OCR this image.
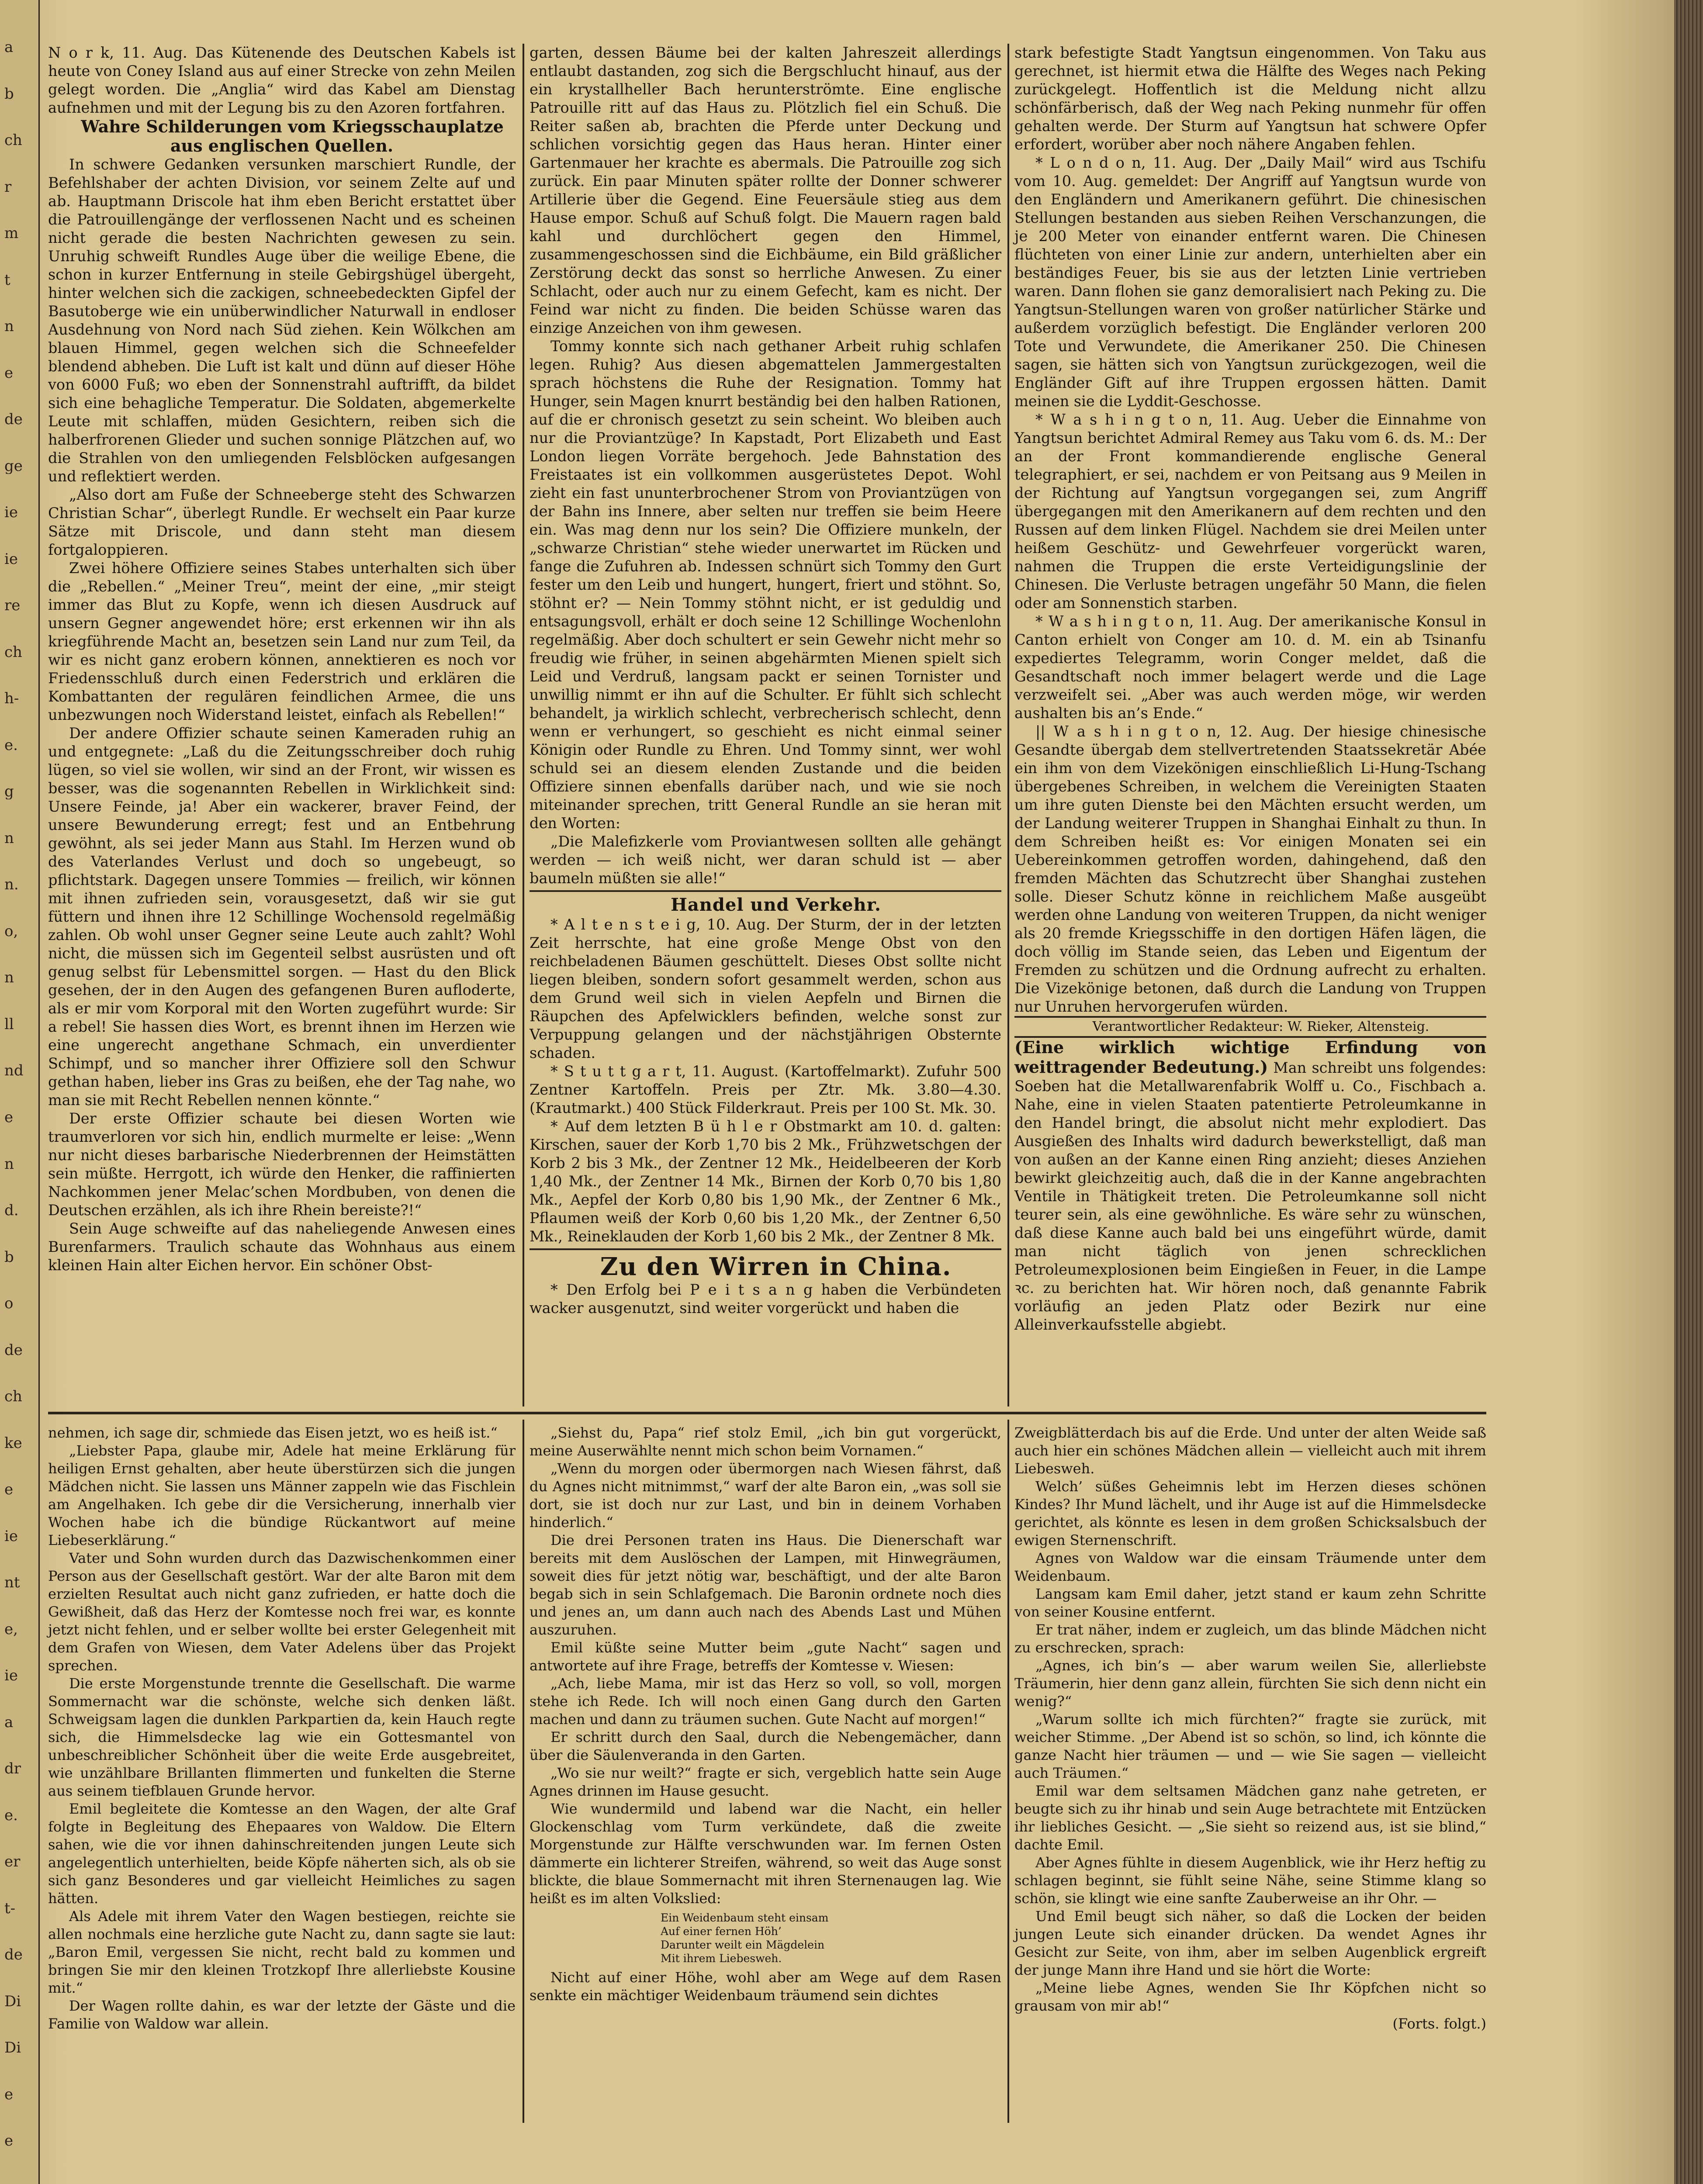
a
b
ch
r
m
t
n
e
de
ge
ie
ie
re
ch
h-
e.
g
n
n.
o,
n
ll
nd
e
n
d.
b
o
de
ch
ke
e
ie
nt
e,
ie
a
dr
e.
er
t-
de
Di
Di
e
e

N o r k, 11. Aug. Das Kütenende des Deutschen Kabels ist heute von Coney Island aus auf einer Strecke von zehn Meilen gelegt worden. Die „Anglia“ wird das Kabel am Dienstag aufnehmen und mit der Legung bis zu den Azoren fortfahren.

Wahre Schilderungen vom Kriegsschauplatze aus englischen Quellen.

In schwere Gedanken versunken marschiert Rundle, der Befehlshaber der achten Division, vor seinem Zelte auf und ab. Hauptmann Driscole hat ihm eben Bericht erstattet über die Patrouillengänge der verflossenen Nacht und es scheinen nicht gerade die besten Nachrichten gewesen zu sein. Unruhig schweift Rundles Auge über die weilige Ebene, die schon in kurzer Entfernung in steile Gebirgshügel übergeht, hinter welchen sich die zackigen, schneebedeckten Gipfel der Basutoberge wie ein unüberwindlicher Naturwall in endloser Ausdehnung von Nord nach Süd ziehen. Kein Wölkchen am blauen Himmel, gegen welchen sich die Schneefelder blendend abheben. Die Luft ist kalt und dünn auf dieser Höhe von 6000 Fuß; wo eben der Sonnenstrahl auftrifft, da bildet sich eine behagliche Temperatur. Die Soldaten, abgemerkelte Leute mit schlaffen, müden Gesichtern, reiben sich die halberfrorenen Glieder und suchen sonnige Plätzchen auf, wo die Strahlen von den umliegenden Felsblöcken aufgesangen und reflektiert werden.

„Also dort am Fuße der Schneeberge steht des Schwarzen Christian Schar“, überlegt Rundle. Er wechselt ein Paar kurze Sätze mit Driscole, und dann steht man diesem fortgaloppieren.

Zwei höhere Offiziere seines Stabes unterhalten sich über die „Rebellen.“ „Meiner Treu“, meint der eine, „mir steigt immer das Blut zu Kopfe, wenn ich diesen Ausdruck auf unsern Gegner angewendet höre; erst erkennen wir ihn als kriegführende Macht an, besetzen sein Land nur zum Teil, da wir es nicht ganz erobern können, annektieren es noch vor Friedensschluß durch einen Federstrich und erklären die Kombattanten der regulären feindlichen Armee, die uns unbezwungen noch Widerstand leistet, einfach als Rebellen!“

Der andere Offizier schaute seinen Kameraden ruhig an und entgegnete: „Laß du die Zeitungsschreiber doch ruhig lügen, so viel sie wollen, wir sind an der Front, wir wissen es besser, was die sogenannten Rebellen in Wirklichkeit sind: Unsere Feinde, ja! Aber ein wackerer, braver Feind, der unsere Bewunderung erregt; fest und an Entbehrung gewöhnt, als sei jeder Mann aus Stahl. Im Herzen wund ob des Vaterlandes Verlust und doch so ungebeugt, so pflichtstark. Dagegen unsere Tommies — freilich, wir können mit ihnen zufrieden sein, vorausgesetzt, daß wir sie gut füttern und ihnen ihre 12 Schillinge Wochensold regelmäßig zahlen. Ob wohl unser Gegner seine Leute auch zahlt? Wohl nicht, die müssen sich im Gegenteil selbst ausrüsten und oft genug selbst für Lebensmittel sorgen. — Hast du den Blick gesehen, der in den Augen des gefangenen Buren aufloderte, als er mir vom Korporal mit den Worten zugeführt wurde: Sir a rebel! Sie hassen dies Wort, es brennt ihnen im Herzen wie eine ungerecht angethane Schmach, ein unverdienter Schimpf, und so mancher ihrer Offiziere soll den Schwur gethan haben, lieber ins Gras zu beißen, ehe der Tag nahe, wo man sie mit Recht Rebellen nennen könnte.“

Der erste Offizier schaute bei diesen Worten wie traumverloren vor sich hin, endlich murmelte er leise: „Wenn nur nicht dieses barbarische Niederbrennen der Heimstätten sein müßte. Herrgott, ich würde den Henker, die raffinierten Nachkommen jener Melac’schen Mordbuben, von denen die Deutschen erzählen, als ich ihre Rhein bereiste?!“

Sein Auge schweifte auf das naheliegende Anwesen eines Burenfarmers. Traulich schaute das Wohnhaus aus einem kleinen Hain alter Eichen hervor. Ein schöner Obst-

garten, dessen Bäume bei der kalten Jahreszeit allerdings entlaubt dastanden, zog sich die Bergschlucht hinauf, aus der ein krystallheller Bach herunterströmte. Eine englische Patrouille ritt auf das Haus zu. Plötzlich fiel ein Schuß. Die Reiter saßen ab, brachten die Pferde unter Deckung und schlichen vorsichtig gegen das Haus heran. Hinter einer Gartenmauer her krachte es abermals. Die Patrouille zog sich zurück. Ein paar Minuten später rollte der Donner schwerer Artillerie über die Gegend. Eine Feuersäule stieg aus dem Hause empor. Schuß auf Schuß folgt. Die Mauern ragen bald kahl und durchlöchert gegen den Himmel, zusammengeschossen sind die Eichbäume, ein Bild gräßlicher Zerstörung deckt das sonst so herrliche Anwesen. Zu einer Schlacht, oder auch nur zu einem Gefecht, kam es nicht. Der Feind war nicht zu finden. Die beiden Schüsse waren das einzige Anzeichen von ihm gewesen.

Tommy konnte sich nach gethaner Arbeit ruhig schlafen legen. Ruhig? Aus diesen abgemattelen Jammergestalten sprach höchstens die Ruhe der Resignation. Tommy hat Hunger, sein Magen knurrt beständig bei den halben Rationen, auf die er chronisch gesetzt zu sein scheint. Wo bleiben auch nur die Proviantzüge? In Kapstadt, Port Elizabeth und East London liegen Vorräte bergehoch. Jede Bahnstation des Freistaates ist ein vollkommen ausgerüstetes Depot. Wohl zieht ein fast ununterbrochener Strom von Proviantzügen von der Bahn ins Innere, aber selten nur treffen sie beim Heere ein. Was mag denn nur los sein? Die Offiziere munkeln, der „schwarze Christian“ stehe wieder unerwartet im Rücken und fange die Zufuhren ab. Indessen schnürt sich Tommy den Gurt fester um den Leib und hungert, hungert, friert und stöhnt. So, stöhnt er? — Nein Tommy stöhnt nicht, er ist geduldig und entsagungsvoll, erhält er doch seine 12 Schillinge Wochenlohn regelmäßig. Aber doch schultert er sein Gewehr nicht mehr so freudig wie früher, in seinen abgehärmten Mienen spielt sich Leid und Verdruß, langsam packt er seinen Tornister und unwillig nimmt er ihn auf die Schulter. Er fühlt sich schlecht behandelt, ja wirklich schlecht, verbrecherisch schlecht, denn wenn er verhungert, so geschieht es nicht einmal seiner Königin oder Rundle zu Ehren. Und Tommy sinnt, wer wohl schuld sei an diesem elenden Zustande und die beiden Offiziere sinnen ebenfalls darüber nach, und wie sie noch miteinander sprechen, tritt General Rundle an sie heran mit den Worten:

„Die Malefizkerle vom Proviantwesen sollten alle gehängt werden — ich weiß nicht, wer daran schuld ist — aber baumeln müßten sie alle!“

Handel und Verkehr.

* A l t e n s t e i g, 10. Aug. Der Sturm, der in der letzten Zeit herrschte, hat eine große Menge Obst von den reichbeladenen Bäumen geschüttelt. Dieses Obst sollte nicht liegen bleiben, sondern sofort gesammelt werden, schon aus dem Grund weil sich in vielen Aepfeln und Birnen die Räupchen des Apfelwicklers befinden, welche sonst zur Verpuppung gelangen und der nächstjährigen Obsternte schaden.

* S t u t t g a r t, 11. August. (Kartoffelmarkt). Zufuhr 500 Zentner Kartoffeln. Preis per Ztr. Mk. 3.80—4.30. (Krautmarkt.) 400 Stück Filderkraut. Preis per 100 St. Mk. 30.

* Auf dem letzten B ü h l e r Obstmarkt am 10. d. galten: Kirschen, sauer der Korb 1,70 bis 2 Mk., Frühzwetschgen der Korb 2 bis 3 Mk., der Zentner 12 Mk., Heidelbeeren der Korb 1,40 Mk., der Zentner 14 Mk., Birnen der Korb 0,70 bis 1,80 Mk., Aepfel der Korb 0,80 bis 1,90 Mk., der Zentner 6 Mk., Pflaumen weiß der Korb 0,60 bis 1,20 Mk., der Zentner 6,50 Mk., Reineklauden der Korb 1,60 bis 2 Mk., der Zentner 8 Mk.

Zu den Wirren in China.

* Den Erfolg bei P e i t s a n g haben die Verbündeten wacker ausgenutzt, sind weiter vorgerückt und haben die

stark befestigte Stadt Yangtsun eingenommen. Von Taku aus gerechnet, ist hiermit etwa die Hälfte des Weges nach Peking zurückgelegt. Hoffentlich ist die Meldung nicht allzu schönfärberisch, daß der Weg nach Peking nunmehr für offen gehalten werde. Der Sturm auf Yangtsun hat schwere Opfer erfordert, worüber aber noch nähere Angaben fehlen.

* L o n d o n, 11. Aug. Der „Daily Mail“ wird aus Tschifu vom 10. Aug. gemeldet: Der Angriff auf Yangtsun wurde von den Engländern und Amerikanern geführt. Die chinesischen Stellungen bestanden aus sieben Reihen Verschanzungen, die je 200 Meter von einander entfernt waren. Die Chinesen flüchteten von einer Linie zur andern, unterhielten aber ein beständiges Feuer, bis sie aus der letzten Linie vertrieben waren. Dann flohen sie ganz demoralisiert nach Peking zu. Die Yangtsun-Stellungen waren von großer natürlicher Stärke und außerdem vorzüglich befestigt. Die Engländer verloren 200 Tote und Verwundete, die Amerikaner 250. Die Chinesen sagen, sie hätten sich von Yangtsun zurückgezogen, weil die Engländer Gift auf ihre Truppen ergossen hätten. Damit meinen sie die Lyddit-Geschosse.

* W a s h i n g t o n, 11. Aug. Ueber die Einnahme von Yangtsun berichtet Admiral Remey aus Taku vom 6. ds. M.: Der an der Front kommandierende englische General telegraphiert, er sei, nachdem er von Peitsang aus 9 Meilen in der Richtung auf Yangtsun vorgegangen sei, zum Angriff übergegangen mit den Amerikanern auf dem rechten und den Russen auf dem linken Flügel. Nachdem sie drei Meilen unter heißem Geschütz- und Gewehrfeuer vorgerückt waren, nahmen die Truppen die erste Verteidigungslinie der Chinesen. Die Verluste betragen ungefähr 50 Mann, die fielen oder am Sonnenstich starben.

* W a s h i n g t o n, 11. Aug. Der amerikanische Konsul in Canton erhielt von Conger am 10. d. M. ein ab Tsinanfu expediertes Telegramm, worin Conger meldet, daß die Gesandtschaft noch immer belagert werde und die Lage verzweifelt sei. „Aber was auch werden möge, wir werden aushalten bis an’s Ende.“

|| W a s h i n g t o n, 12. Aug. Der hiesige chinesische Gesandte übergab dem stellvertretenden Staatssekretär Abée ein ihm von dem Vizekönigen einschließlich Li-Hung-Tschang übergebenes Schreiben, in welchem die Vereinigten Staaten um ihre guten Dienste bei den Mächten ersucht werden, um der Landung weiterer Truppen in Shanghai Einhalt zu thun. In dem Schreiben heißt es: Vor einigen Monaten sei ein Uebereinkommen getroffen worden, dahingehend, daß den fremden Mächten das Schutzrecht über Shanghai zustehen solle. Dieser Schutz könne in reichlichem Maße ausgeübt werden ohne Landung von weiteren Truppen, da nicht weniger als 20 fremde Kriegsschiffe in den dortigen Häfen lägen, die doch völlig im Stande seien, das Leben und Eigentum der Fremden zu schützen und die Ordnung aufrecht zu erhalten. Die Vizekönige betonen, daß durch die Landung von Truppen nur Unruhen hervorgerufen würden.

Verantwortlicher Redakteur: W. Rieker, Altensteig.

(Eine wirklich wichtige Erfindung von weittragender Bedeutung.) Man schreibt uns folgendes: Soeben hat die Metallwarenfabrik Wolff u. Co., Fischbach a. Nahe, eine in vielen Staaten patentierte Petroleumkanne in den Handel bringt, die absolut nicht mehr explodiert. Das Ausgießen des Inhalts wird dadurch bewerkstelligt, daß man von außen an der Kanne einen Ring anzieht; dieses Anziehen bewirkt gleichzeitig auch, daß die in der Kanne angebrachten Ventile in Thätigkeit treten. Die Petroleumkanne soll nicht teurer sein, als eine gewöhnliche. Es wäre sehr zu wünschen, daß diese Kanne auch bald bei uns eingeführt würde, damit man nicht täglich von jenen schrecklichen Petroleumexplosionen beim Eingießen in Feuer, in die Lampe ꝛc. zu berichten hat. Wir hören noch, daß genannte Fabrik vorläufig an jeden Platz oder Bezirk nur eine Alleinverkaufsstelle abgiebt.

nehmen, ich sage dir, schmiede das Eisen jetzt, wo es heiß ist.“

„Liebster Papa, glaube mir, Adele hat meine Erklärung für heiligen Ernst gehalten, aber heute überstürzen sich die jungen Mädchen nicht. Sie lassen uns Männer zappeln wie das Fischlein am Angelhaken. Ich gebe dir die Versicherung, innerhalb vier Wochen habe ich die bündige Rückantwort auf meine Liebeserklärung.“

Vater und Sohn wurden durch das Dazwischenkommen einer Person aus der Gesellschaft gestört. War der alte Baron mit dem erzielten Resultat auch nicht ganz zufrieden, er hatte doch die Gewißheit, daß das Herz der Komtesse noch frei war, es konnte jetzt nicht fehlen, und er selber wollte bei erster Gelegenheit mit dem Grafen von Wiesen, dem Vater Adelens über das Projekt sprechen.

Die erste Morgenstunde trennte die Gesellschaft. Die warme Sommernacht war die schönste, welche sich denken läßt. Schweigsam lagen die dunklen Parkpartien da, kein Hauch regte sich, die Himmelsdecke lag wie ein Gottesmantel von unbeschreiblicher Schönheit über die weite Erde ausgebreitet, wie unzählbare Brillanten flimmerten und funkelten die Sterne aus seinem tiefblauen Grunde hervor.

Emil begleitete die Komtesse an den Wagen, der alte Graf folgte in Begleitung des Ehepaares von Waldow. Die Eltern sahen, wie die vor ihnen dahinschreitenden jungen Leute sich angelegentlich unterhielten, beide Köpfe näherten sich, als ob sie sich ganz Besonderes und gar vielleicht Heimliches zu sagen hätten.

Als Adele mit ihrem Vater den Wagen bestiegen, reichte sie allen nochmals eine herzliche gute Nacht zu, dann sagte sie laut: „Baron Emil, vergessen Sie nicht, recht bald zu kommen und bringen Sie mir den kleinen Trotzkopf Ihre allerliebste Kousine mit.“

Der Wagen rollte dahin, es war der letzte der Gäste und die Familie von Waldow war allein.

„Siehst du, Papa“ rief stolz Emil, „ich bin gut vorgerückt, meine Auserwählte nennt mich schon beim Vornamen.“

„Wenn du morgen oder übermorgen nach Wiesen fährst, daß du Agnes nicht mitnimmst,“ warf der alte Baron ein, „was soll sie dort, sie ist doch nur zur Last, und bin in deinem Vorhaben hinderlich.“

Die drei Personen traten ins Haus. Die Dienerschaft war bereits mit dem Auslöschen der Lampen, mit Hinwegräumen, soweit dies für jetzt nötig war, beschäftigt, und der alte Baron begab sich in sein Schlafgemach. Die Baronin ordnete noch dies und jenes an, um dann auch nach des Abends Last und Mühen auszuruhen.

Emil küßte seine Mutter beim „gute Nacht“ sagen und antwortete auf ihre Frage, betreffs der Komtesse v. Wiesen:

„Ach, liebe Mama, mir ist das Herz so voll, so voll, morgen stehe ich Rede. Ich will noch einen Gang durch den Garten machen und dann zu träumen suchen. Gute Nacht auf morgen!“

Er schritt durch den Saal, durch die Nebengemächer, dann über die Säulenveranda in den Garten.

„Wo sie nur weilt?“ fragte er sich, vergeblich hatte sein Auge Agnes drinnen im Hause gesucht.

Wie wundermild und labend war die Nacht, ein heller Glockenschlag vom Turm verkündete, daß die zweite Morgenstunde zur Hälfte verschwunden war. Im fernen Osten dämmerte ein lichterer Streifen, während, so weit das Auge sonst blickte, die blaue Sommernacht mit ihren Sternenaugen lag. Wie heißt es im alten Volkslied:

Ein Weidenbaum steht einsam
Auf einer fernen Höh’
Darunter weilt ein Mägdelein
Mit ihrem Liebesweh.

Nicht auf einer Höhe, wohl aber am Wege auf dem Rasen senkte ein mächtiger Weidenbaum träumend sein dichtes

Zweigblätterdach bis auf die Erde. Und unter der alten Weide saß auch hier ein schönes Mädchen allein — vielleicht auch mit ihrem Liebesweh.

Welch’ süßes Geheimnis lebt im Herzen dieses schönen Kindes? Ihr Mund lächelt, und ihr Auge ist auf die Himmelsdecke gerichtet, als könnte es lesen in dem großen Schicksalsbuch der ewigen Sternenschrift.

Agnes von Waldow war die einsam Träumende unter dem Weidenbaum.

Langsam kam Emil daher, jetzt stand er kaum zehn Schritte von seiner Kousine entfernt.

Er trat näher, indem er zugleich, um das blinde Mädchen nicht zu erschrecken, sprach:

„Agnes, ich bin’s — aber warum weilen Sie, allerliebste Träumerin, hier denn ganz allein, fürchten Sie sich denn nicht ein wenig?“

„Warum sollte ich mich fürchten?“ fragte sie zurück, mit weicher Stimme. „Der Abend ist so schön, so lind, ich könnte die ganze Nacht hier träumen — und — wie Sie sagen — vielleicht auch Träumen.“

Emil war dem seltsamen Mädchen ganz nahe getreten, er beugte sich zu ihr hinab und sein Auge betrachtete mit Entzücken ihr liebliches Gesicht. — „Sie sieht so reizend aus, ist sie blind,“ dachte Emil.

Aber Agnes fühlte in diesem Augenblick, wie ihr Herz heftig zu schlagen beginnt, sie fühlt seine Nähe, seine Stimme klang so schön, sie klingt wie eine sanfte Zauberweise an ihr Ohr. —

Und Emil beugt sich näher, so daß die Locken der beiden jungen Leute sich einander drücken. Da wendet Agnes ihr Gesicht zur Seite, von ihm, aber im selben Augenblick ergreift der junge Mann ihre Hand und sie hört die Worte:

„Meine liebe Agnes, wenden Sie Ihr Köpfchen nicht so grausam von mir ab!“

(Forts. folgt.)
